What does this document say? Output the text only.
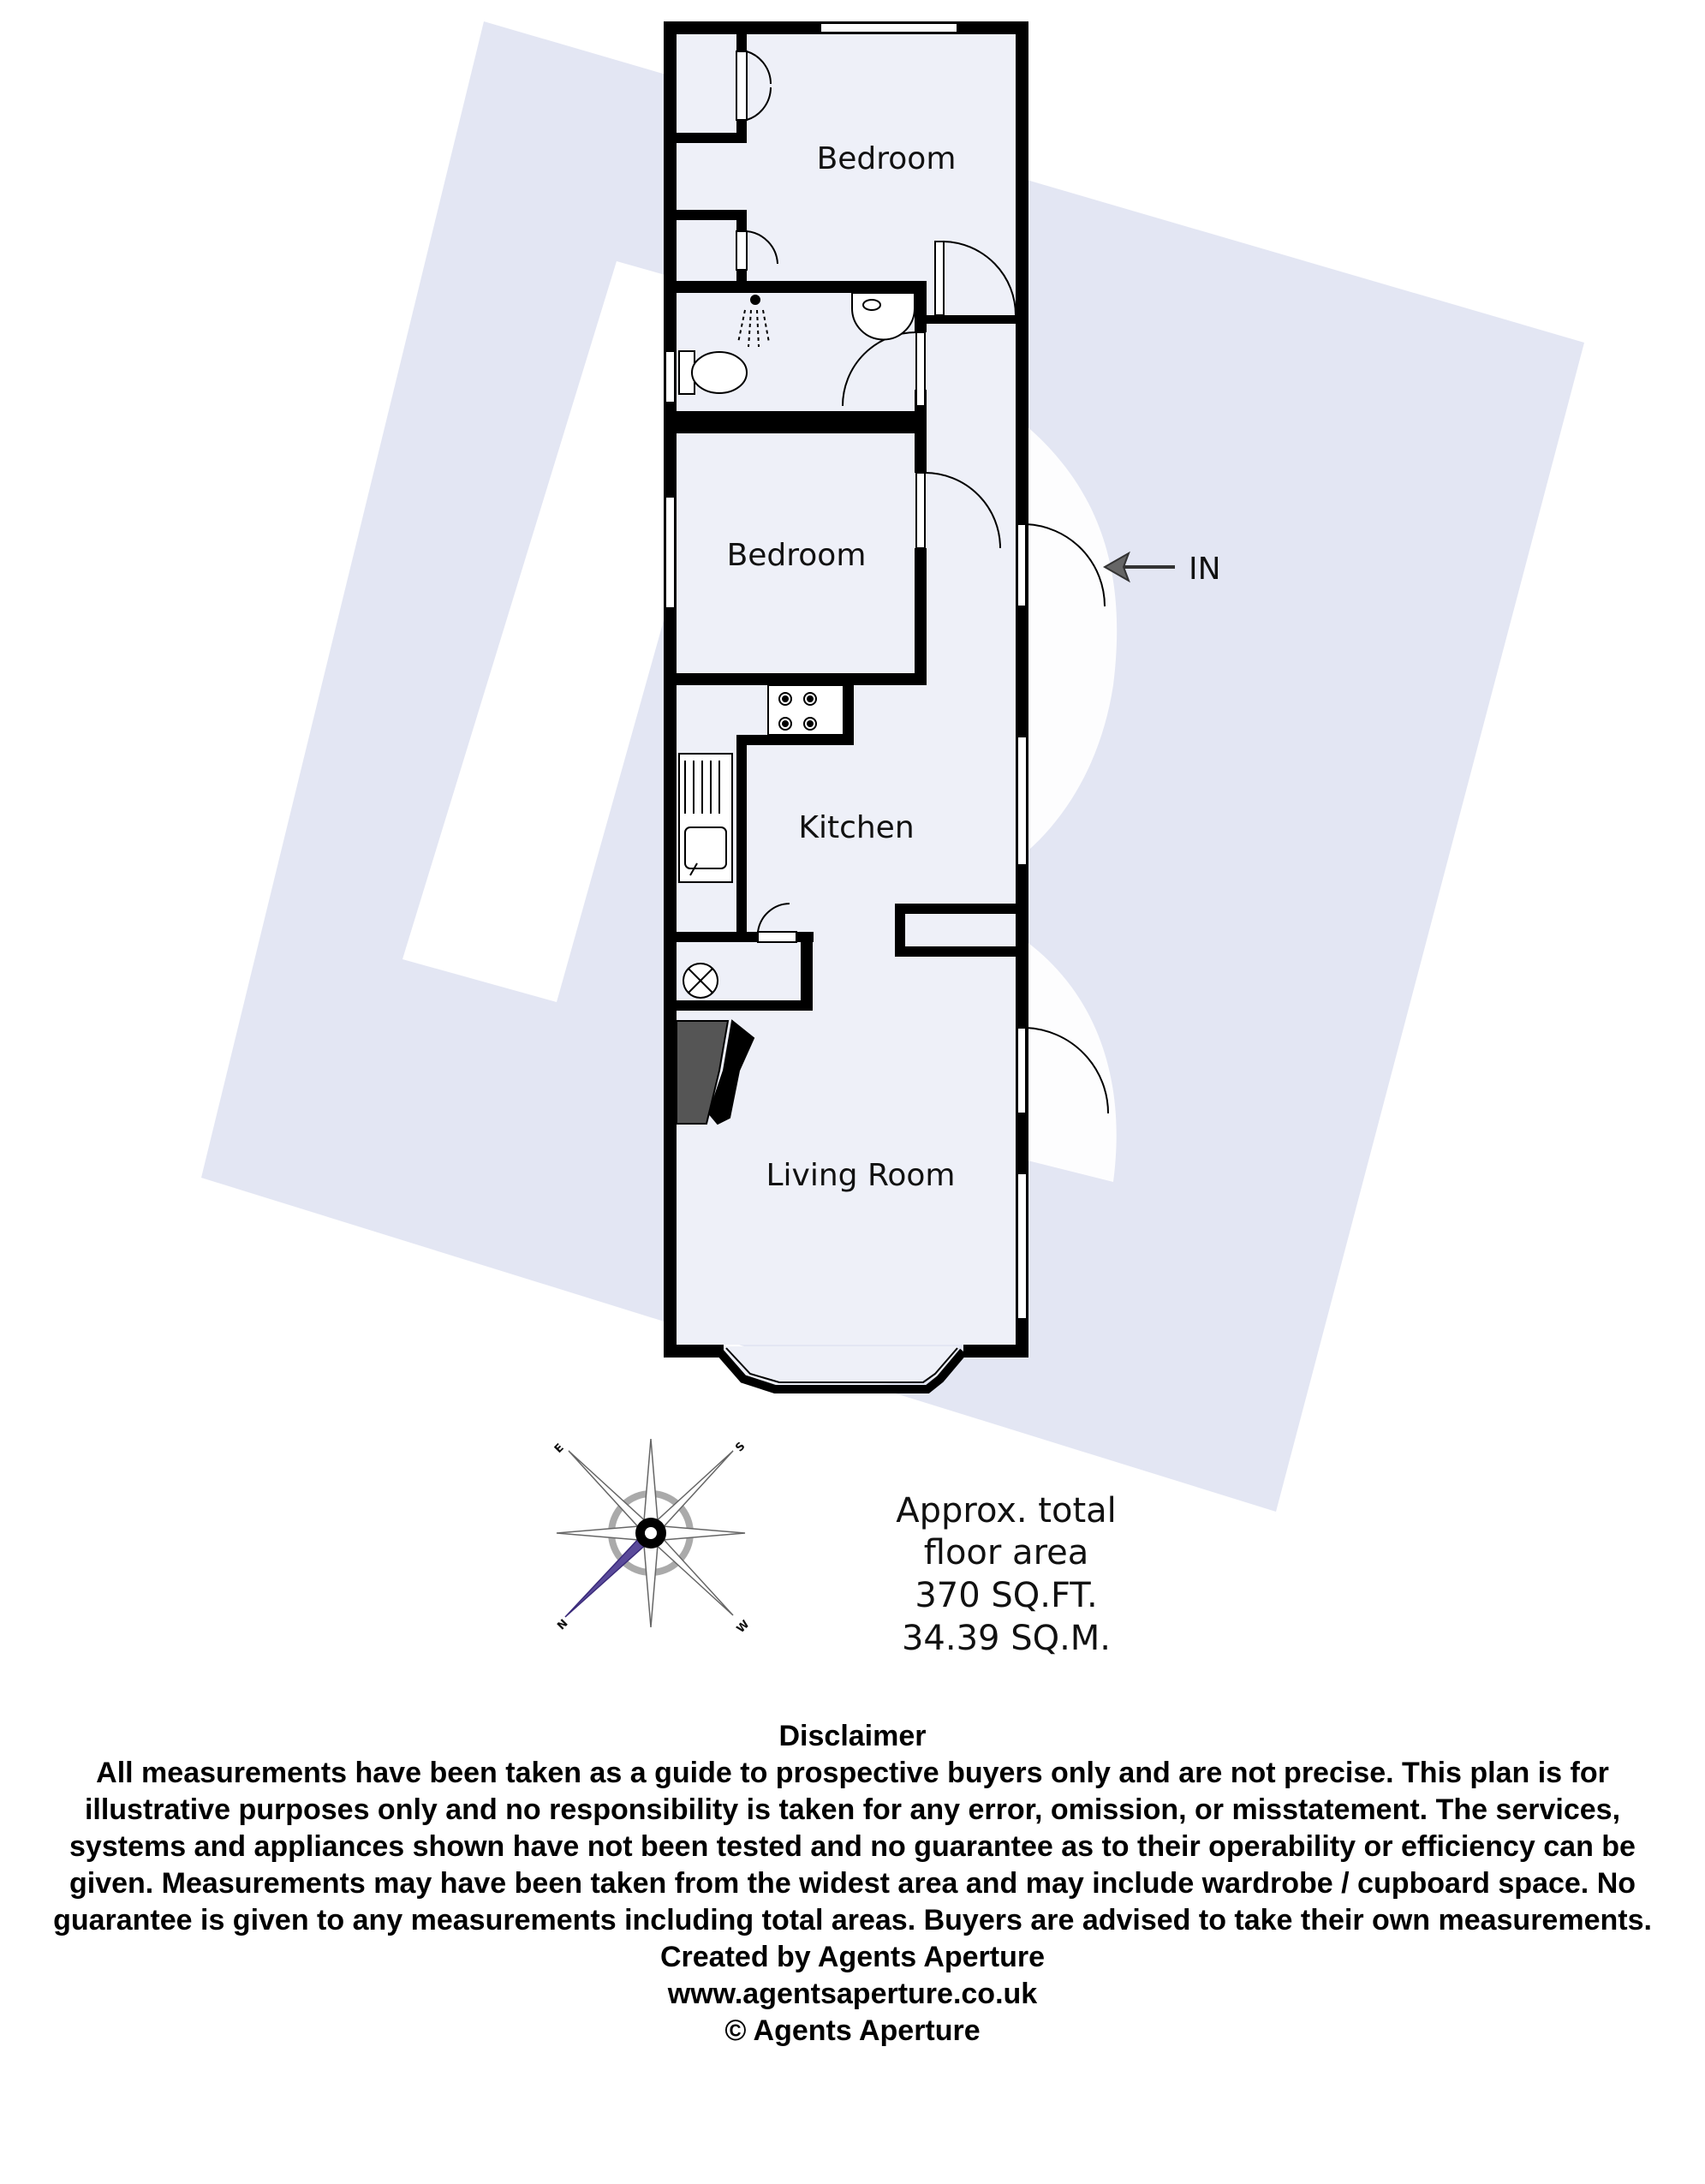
Bedroom
Bedroom
Kitchen
Living Room
IN
N
E	S
W
Approx. total
floor area
370 SQ.FT.
34.39 SQ.M.
Disclaimer
All measurements have been taken as a guide to prospective buyers only and are not precise. This plan is for illustrative purposes only and no responsibility is taken for any error, omission, or misstatement. The services, systems and appliances shown have not been tested and no guarantee as to their operability or efficiency can be given. Measurements may have been taken from the widest area and may include wardrobe / cupboard space. No guarantee is given to any measurements including total areas. Buyers are advised to take their own measurements.
Created by Agents Aperture
www.agentsaperture.co.uk
© Agents Aperture
